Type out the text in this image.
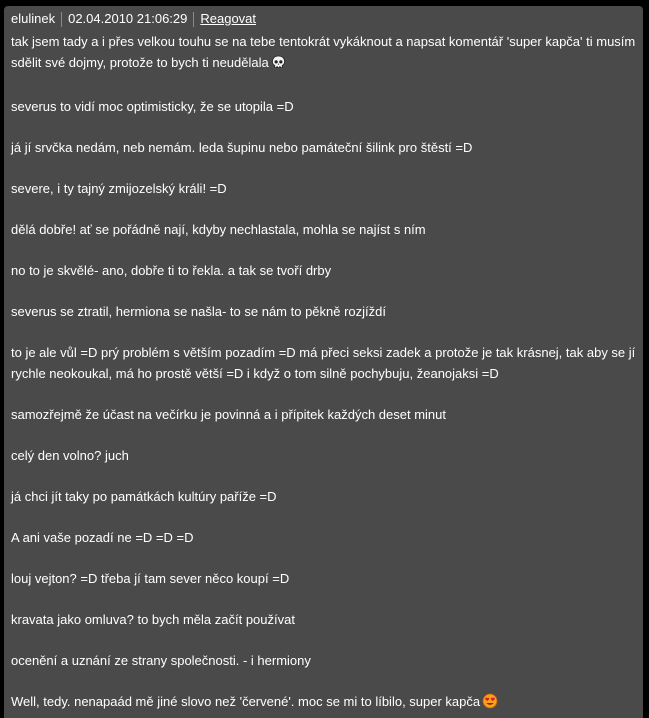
elulinek 02.04.2010 21:06:29 Reagovat

tak jsem tady a i přes velkou touhu se na tebe tentokrát vykáknout a napsat komentář 'super kapča' ti musím sdělit své dojmy, protože to bych ti neudělala

severus to vidí moc optimisticky, že se utopila =D

já jí srvčka nedám, neb nemám. leda šupinu nebo památeční šilink pro štěstí =D

severe, i ty tajný zmijozelský králi! =D

dělá dobře! ať se pořádně nají, kdyby nechlastala, mohla se najíst s ním

no to je skvělé- ano, dobře ti to řekla. a tak se tvoří drby

severus se ztratil, hermiona se našla- to se nám to pěkně rozjíždí

to je ale vůl =D prý problém s větším pozadím =D má přeci seksi zadek a protože je tak krásnej, tak aby se jí rychle neokoukal, má ho prostě větší =D i když o tom silně pochybuju, žeanojaksi =D

samozřejmě že účast na večírku je povinná a i přípitek každých deset minut

celý den volno? juch

já chci jít taky po památkách kultúry paříže =D

A ani vaše pozadí ne =D =D =D

louj vejton? =D třeba jí tam sever něco koupí =D

kravata jako omluva? to bych měla začít používat

ocenění a uznání ze strany společnosti. - i hermiony

Well, tedy. nenapaád mě jiné slovo než 'červené'. moc se mi to líbilo, super kapča
